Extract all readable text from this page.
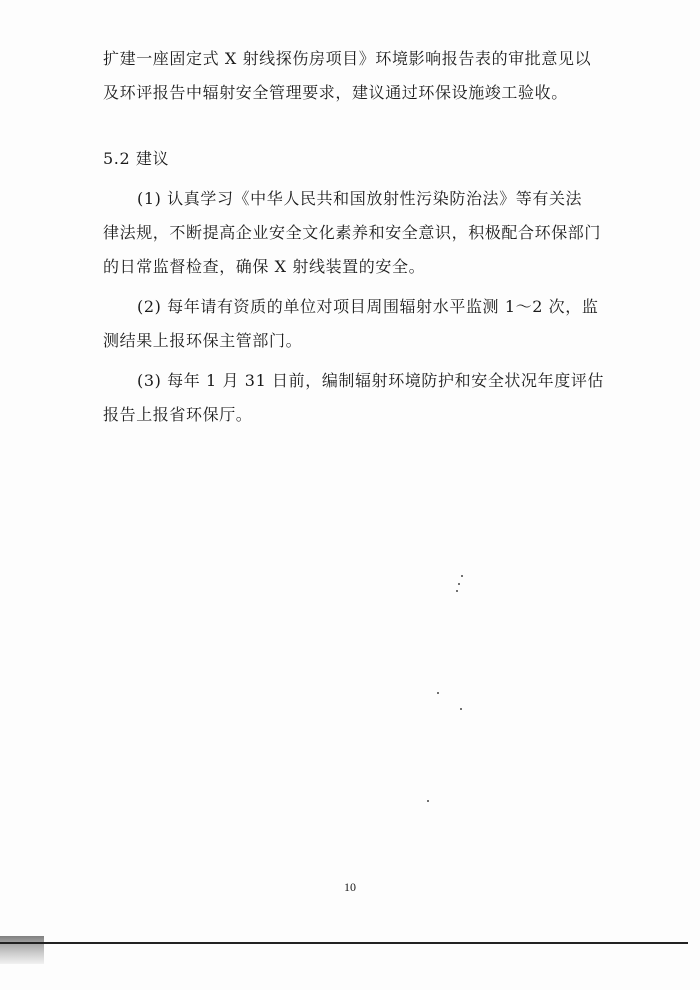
扩建一座固定式 X 射线探伤房项目》环境影响报告表的审批意见以
及环评报告中辐射安全管理要求，建议通过环保设施竣工验收。
5.2 建议
(1) 认真学习《中华人民共和国放射性污染防治法》等有关法
律法规，不断提高企业安全文化素养和安全意识，积极配合环保部门
的日常监督检查，确保 X 射线装置的安全。
(2) 每年请有资质的单位对项目周围辐射水平监测 1～2 次，监
测结果上报环保主管部门。
(3) 每年 1 月 31 日前，编制辐射环境防护和安全状况年度评估
报告上报省环保厅。
10
